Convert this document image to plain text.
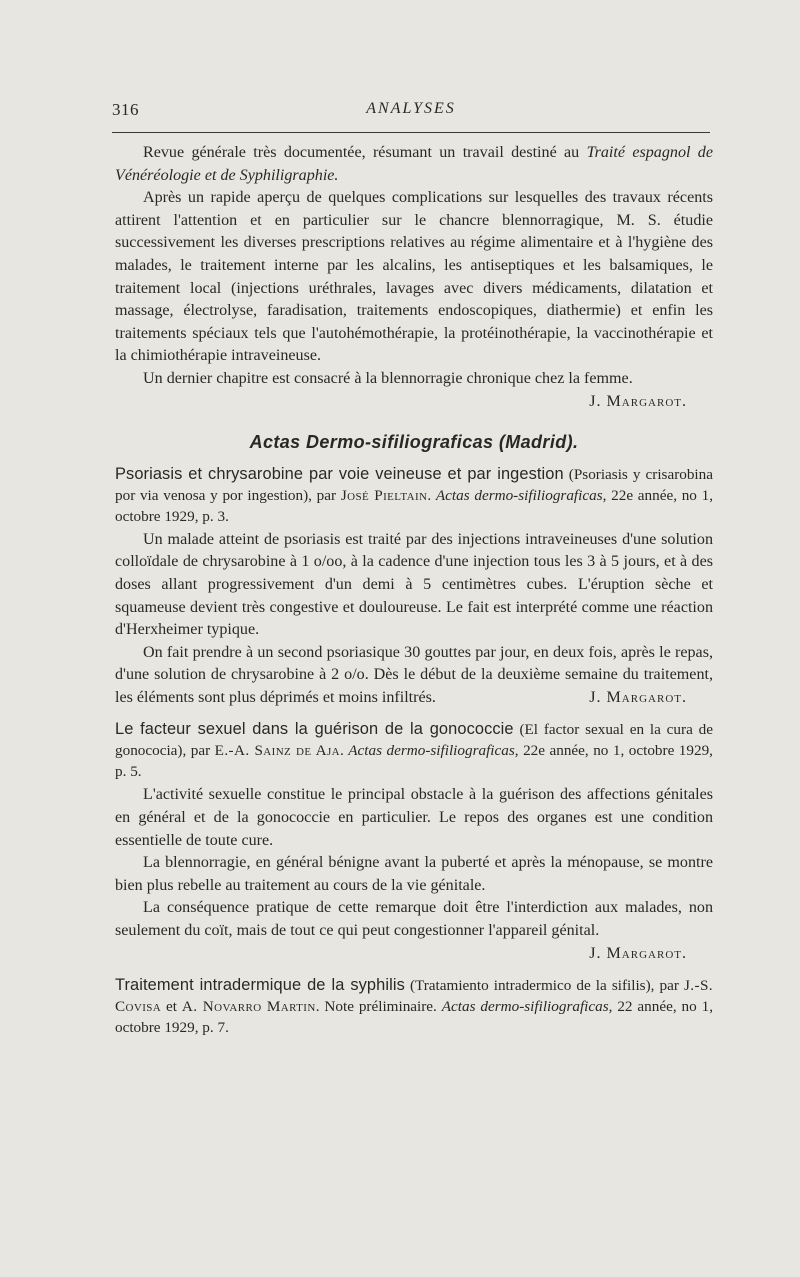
316	ANALYSES

Revue générale très documentée, résumant un travail destiné au Traité espagnol de Vénéréologie et de Syphiligraphie.

Après un rapide aperçu de quelques complications sur lesquelles des travaux récents attirent l'attention et en particulier sur le chancre blennorragique, M. S. étudie successivement les diverses prescriptions relatives au régime alimentaire et à l'hygiène des malades, le traitement interne par les alcalins, les antiseptiques et les balsamiques, le traitement local (injections uréthrales, lavages avec divers médicaments, dilatation et massage, électrolyse, faradisation, traitements endoscopiques, diathermie) et enfin les traitements spéciaux tels que l'autohémothérapie, la protéinothérapie, la vaccinothérapie et la chimiothérapie intraveineuse.

Un dernier chapitre est consacré à la blennorragie chronique chez la femme.
J. Margarot.

Actas Dermo-sifiliograficas (Madrid).

Psoriasis et chrysarobine par voie veineuse et par ingestion (Psoriasis y crisarobina por via venosa y por ingestion), par José Pieltain. Actas dermo-sifiliograficas, 22e année, no 1, octobre 1929, p. 3.

Un malade atteint de psoriasis est traité par des injections intraveineuses d'une solution colloïdale de chrysarobine à 1 o/oo, à la cadence d'une injection tous les 3 à 5 jours, et à des doses allant progressivement d'un demi à 5 centimètres cubes. L'éruption sèche et squameuse devient très congestive et douloureuse. Le fait est interprété comme une réaction d'Herxheimer typique.

On fait prendre à un second psoriasique 30 gouttes par jour, en deux fois, après le repas, d'une solution de chrysarobine à 2 o/o. Dès le début de la deuxième semaine du traitement, les éléments sont plus déprimés et moins infiltrés.	J. Margarot.

Le facteur sexuel dans la guérison de la gonococcie (El factor sexual en la cura de gonococia), par E.-A. Sainz de Aja. Actas dermo-sifiliograficas, 22e année, no 1, octobre 1929, p. 5.

L'activité sexuelle constitue le principal obstacle à la guérison des affections génitales en général et de la gonococcie en particulier. Le repos des organes est une condition essentielle de toute cure.

La blennorragie, en général bénigne avant la puberté et après la ménopause, se montre bien plus rebelle au traitement au cours de la vie génitale.

La conséquence pratique de cette remarque doit être l'interdiction aux malades, non seulement du coït, mais de tout ce qui peut congestionner l'appareil génital.
J. Margarot.

Traitement intradermique de la syphilis (Tratamiento intradermico de la sifilis), par J.-S. Covisa et A. Novarro Martin. Note préliminaire. Actas dermo-sifiliograficas, 22 année, no 1, octobre 1929, p. 7.
